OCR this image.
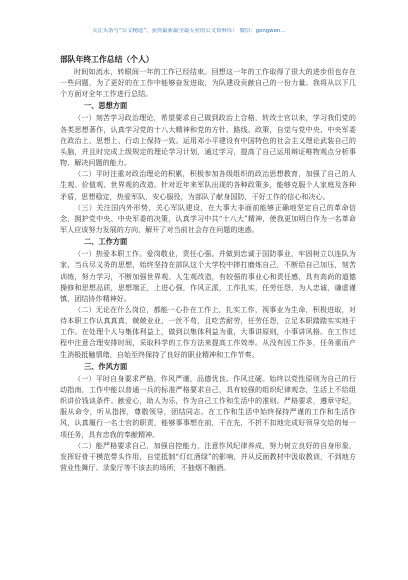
关注头条号“公文精选”，获得最新最全最专业的公文资料库！ 微信：gongwen...
部队年终工作总结（个人）

时间如流水，转眼间一年的工作已经结束。回想这一年的工作取得了很大的进步但也存在一些问题，为了更好的在工作中能够奋发进取，为队建设贡献自己的一份力量。我将从以下几个方面对全年工作进行总结。

一、思想方面

（一）刻苦学习政治理论，希望要求自己做到政治上合格，转改士官以来，学习我们党的各类思想著作，认真学习党的十八大精神和党的方针、路线、政策，自觉与党中央、中央军委在政治上、思想上、行动上保持一致。运用邓小平建设有中国特色的社会主义理论武装自己的头脑，并且时完成上级规定的理论学习计划，通过学习，提高了自己运用辩证唯物观点分析事物、解决问题的能力。

（二）平时注重对政治理论的积累，积极参加各级组织的政治思想教育，加强了自己的人生观、价值观、世界观的改造。针对近年来军队出现的各种政策多，能够克服个人家庭及各种矛盾，思想稳定，热爱军队，安心服役，为部队了献身国防，干好工作的信心和决心。

（三）关注国内外形势，关心军队建设，在大事大非面前能够正确地坚定自己的革命信念，拥护党中央、中央军委的决策，认真学习中共“十八大”精神，使我更加明白作为一名革命军人应该努力发展的方向，解开了对当前社会存在问题的迷惑。

二、工作方面

（一）热爱本职工作。爱岗敬业，责任心强。并做到忠诚于国防事业，牢固树立以连队为家，当兵尽义务的思想，始终坚持在部队这个大学校中摔打磨炼自己，不断给自己加压，刻苦训练，努力学习，不断加强世界观、人生观改造，有较强的事业心和责任感，具有高尚的道德操修和思想品质，思想端正，上进心强，作风正派，工作扎实，任劳任怨，为人忠诚，谦虚谨慎，团结协作精神好。

（二）无论在什么岗位，都能一心扑在工作上，扎实工作，视事业为生命，积极进取，对待本职工作认真真真，兢兢业业，一丝不苟，且吃苦耐劳，任劳任怨，立足本职踏踏实实地干工作。在处理个人与集体利益上，做到以集体利益为重，大事讲原则，小事讲风格。在工作过程中注意合理安排时间，采取科学的工作方法来提高工作效率。从没有因工作多，任务重而产生消极抵触情绪，自始至终保持了良好的职业精神和工作节奏。

三、作风方面

（一）平时自身要求严格，作风严谨，品德优良。作风过硬。始终以党性原则为自己的行动指南，工作中能以普通一兵的标准严格要求自己，具有较强的组织纪律观念，生活上不给组织讲价钱谈条件。献爱心，助人为乐，作为自己工作和生活中的准则。严格要求，遵章守纪，服从命令，听从指挥，尊敬领导，团结同志。在工作和生活中始终保持严谨的工作和生活作风，认真履行一名士官的职责，能够事事想在前，干在先，不折不扣地完成好领导交给的每一项任务，具有忠我的奉献精神。

（二）能严格要求自己，加强自控能力，注意作风纪律养成，努力树立良好的自身形象，发挥好骨干模范带头作用，自觉抵制“灯红酒绿”的影响，并从反面教材中汲取教训，不到地方营业性舞厅、录象厅等不该去的场所，不抽烟不酗酒。
